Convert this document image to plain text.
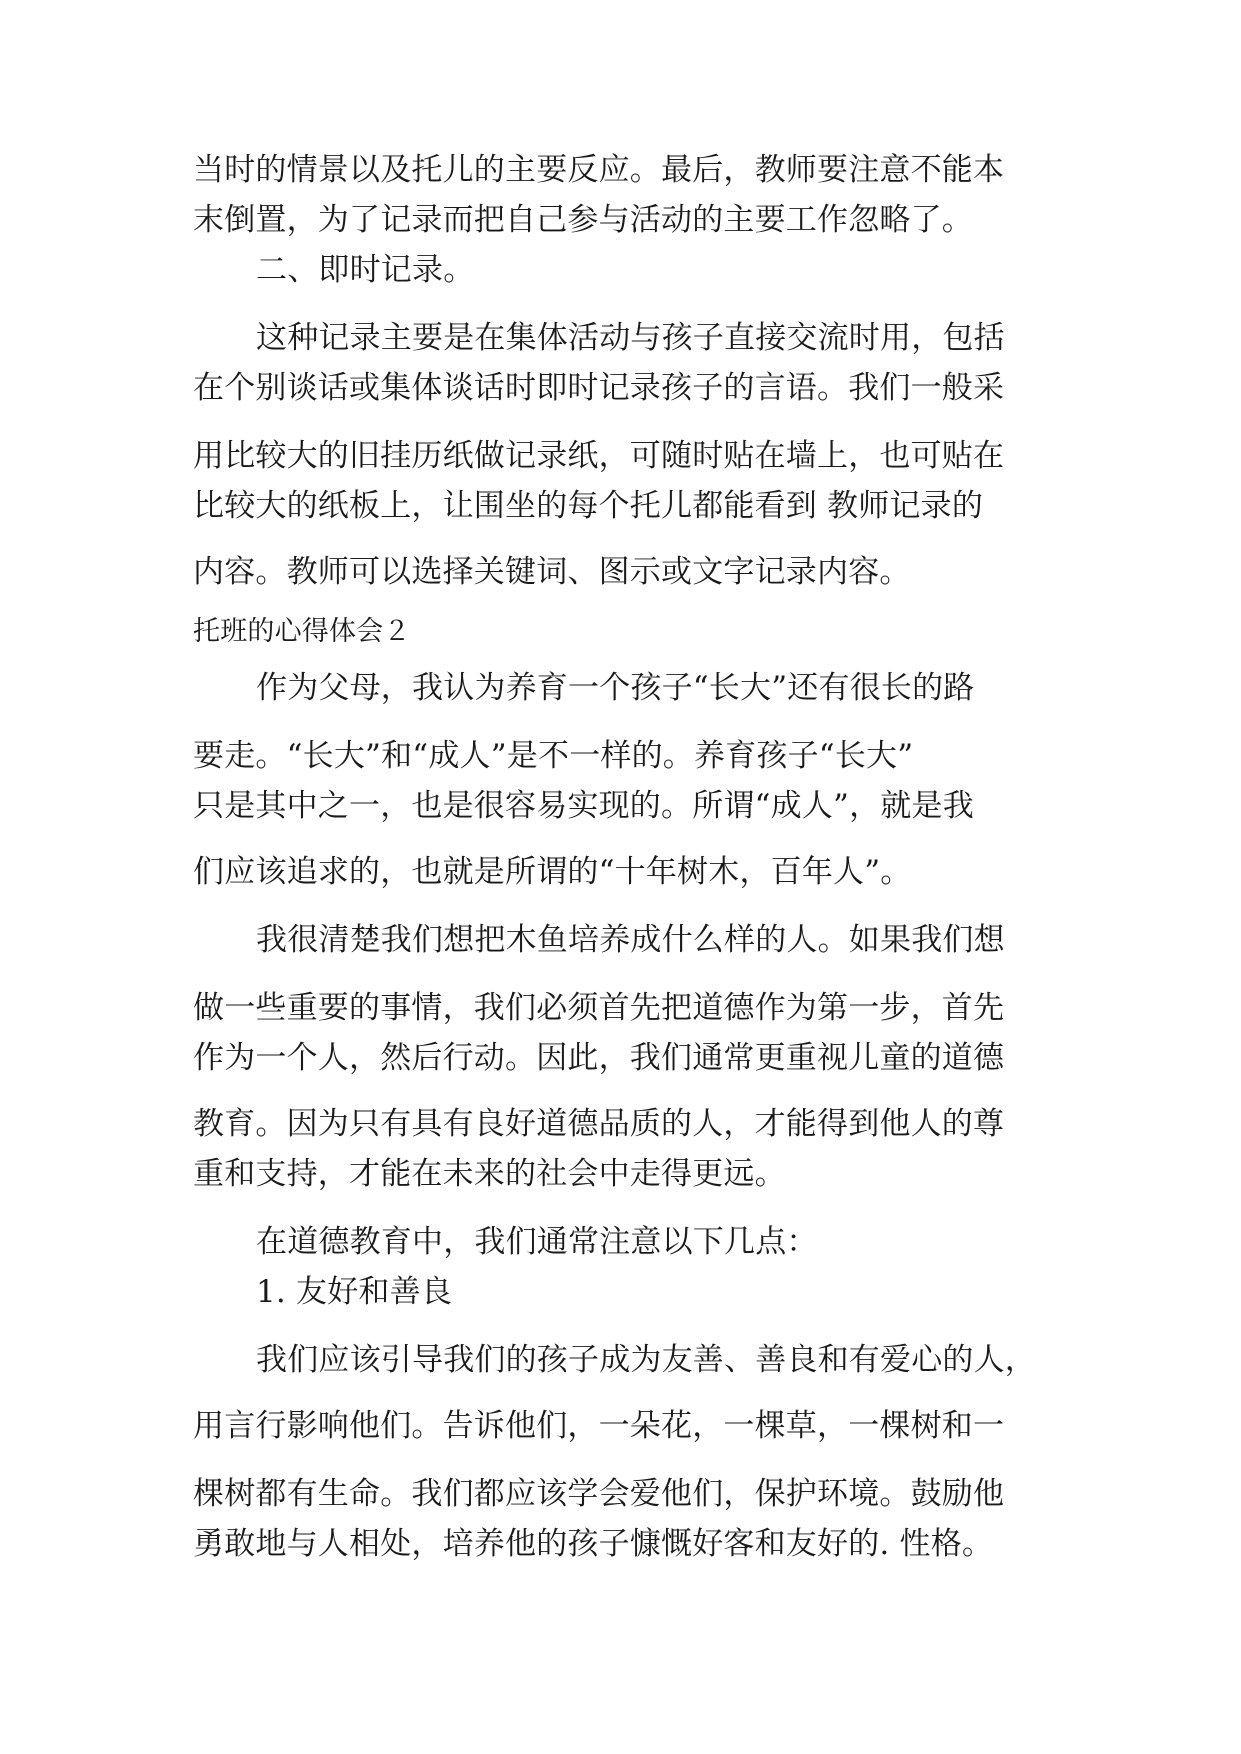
当时的情景以及托儿的主要反应。最后，教师要注意不能本
末倒置，为了记录而把自己参与活动的主要工作忽略了。
二、即时记录。
这种记录主要是在集体活动与孩子直接交流时用，包括
在个别谈话或集体谈话时即时记录孩子的言语。我们一般采
用比较大的旧挂历纸做记录纸，可随时贴在墙上，也可贴在
比较大的纸板上，让围坐的每个托儿都能看到 教师记录的
内容。教师可以选择关键词、图示或文字记录内容。
托班的心得体会２
作为父母，我认为养育一个孩子“长大”还有很长的路
要走。“长大”和“成人”是不一样的。养育孩子“长大”
只是其中之一，也是很容易实现的。所谓“成人”，就是我
们应该追求的，也就是所谓的“十年树木，百年人”。
我很清楚我们想把木鱼培养成什么样的人。如果我们想
做一些重要的事情，我们必须首先把道德作为第一步，首先
作为一个人，然后行动。因此，我们通常更重视儿童的道德
教育。因为只有具有良好道德品质的人，才能得到他人的尊
重和支持，才能在未来的社会中走得更远。
在道德教育中，我们通常注意以下几点：
1. 友好和善良
我们应该引导我们的孩子成为友善、善良和有爱心的人，
用言行影响他们。告诉他们，一朵花，一棵草，一棵树和一
棵树都有生命。我们都应该学会爱他们，保护环境。鼓励他
勇敢地与人相处，培养他的孩子慷慨好客和友好的. 性格。
